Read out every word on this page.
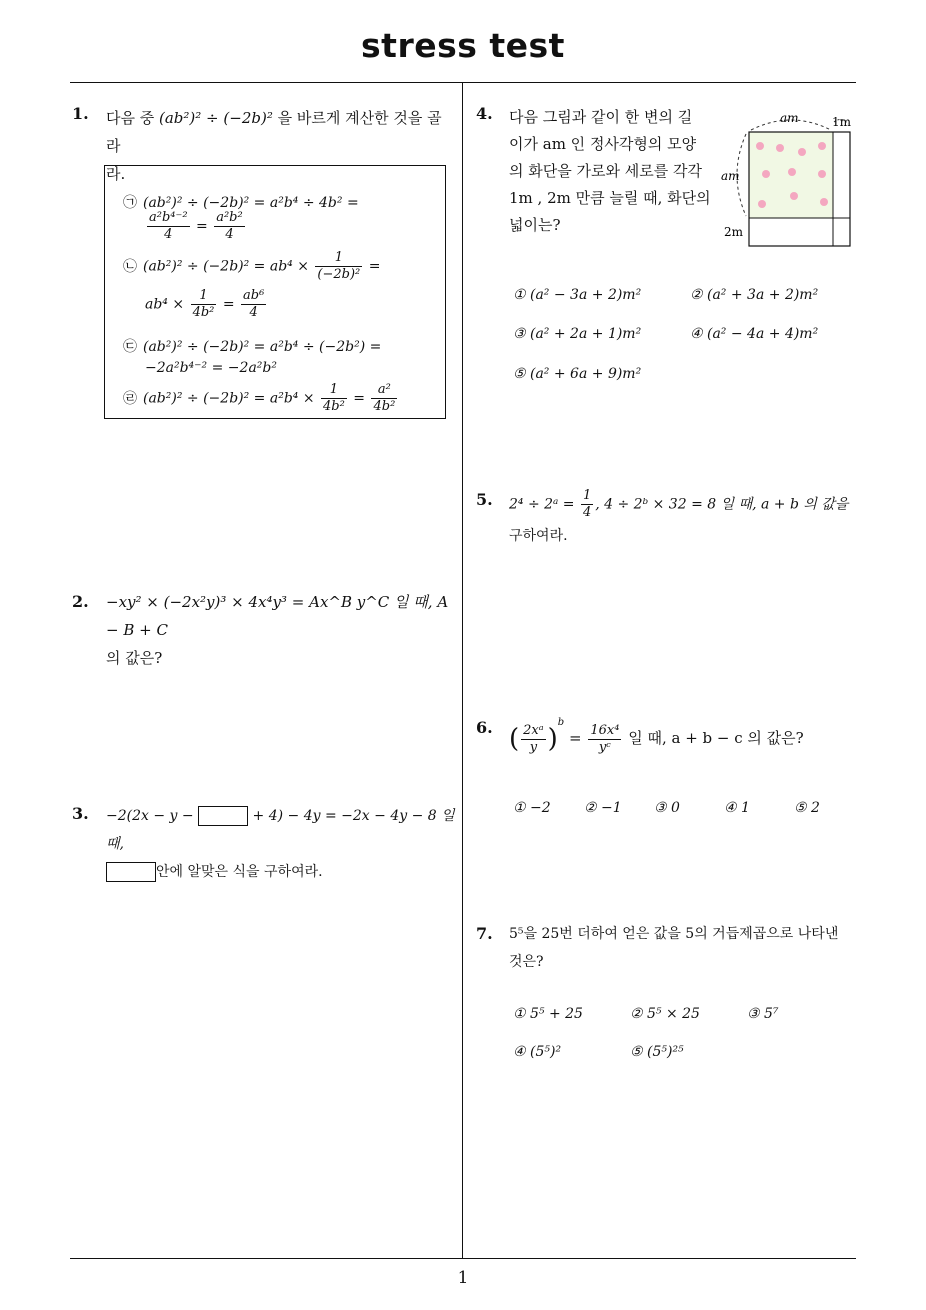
stress test
1
1. 다음 중 (ab²)² ÷ (−2b)² 을 바르게 계산한 것을 골라
라.
㉠ (ab²)² ÷ (−2b)² = a²b⁴ ÷ 4b² =
$\frac{\text{a²b⁴⁻²}}{4} = \frac{\text{a²b²}}{4}$
㉡ $(ab^2)^2 \div (-2b)^2 = ab^4 \times \frac{1}{\text{(−2b)²}}$ =
$ab^4 \times \frac{1}{\text{4b²}} = \frac{\text{ab⁶}}{4}$
㉢ (ab²)² ÷ (−2b)² = a²b⁴ ÷ (−2b²) =
−2a²b⁴⁻² = −2a²b²
㉣ $(ab^2)^2 \div (-2b)^2 = a^2b^4 \times \frac{1}{\text{4b²}} = \frac{\text{a²}}{\text{4b²}}$
2. −xy² × (−2x²y)³ × 4x⁴y³ = Ax^B y^C 일 때, A − B + C
의 값은?
3. −2(2x − y −	+ 4) − 4y = −2x − 4y − 8 일 때,
안에 알맞은 식을 구하여라.
4. 다음 그림과 같이 한 변의 길
이가 am 인 정사각형의 모양
의 화단을 가로와 세로를 각각
1m , 2m 만큼 늘릴 때, 화단의
넓이는?
am	1m
am
2m
① (a² − 3a + 2)m²	② (a² + 3a + 2)m²
③ (a² + 2a + 1)m²	④ (a² − 4a + 4)m²
⑤ (a² + 6a + 9)m²
5. 2⁴ ÷ 2ᵃ = $\frac{1}{4}$ , 4 ÷ 2ᵇ × 32 = 8 일 때, a + b 의 값을
구하여라.
6. ( $\frac{\text{2xᵃ}}{y} )^b = \frac{\text{16x⁴}}{\text{yᶜ}}$ 일 때, a + b − c 의 값은?
① −2 ② −1 ③ 0	④ 1	⑤ 2
7. 5⁵을 25번 더하여 얻은 값을 5의 거듭제곱으로 나타낸
것은?
① 5⁵ + 25	② 5⁵ × 25	③ 5⁷
④ (5⁵)²	⑤ (5⁵)²⁵
